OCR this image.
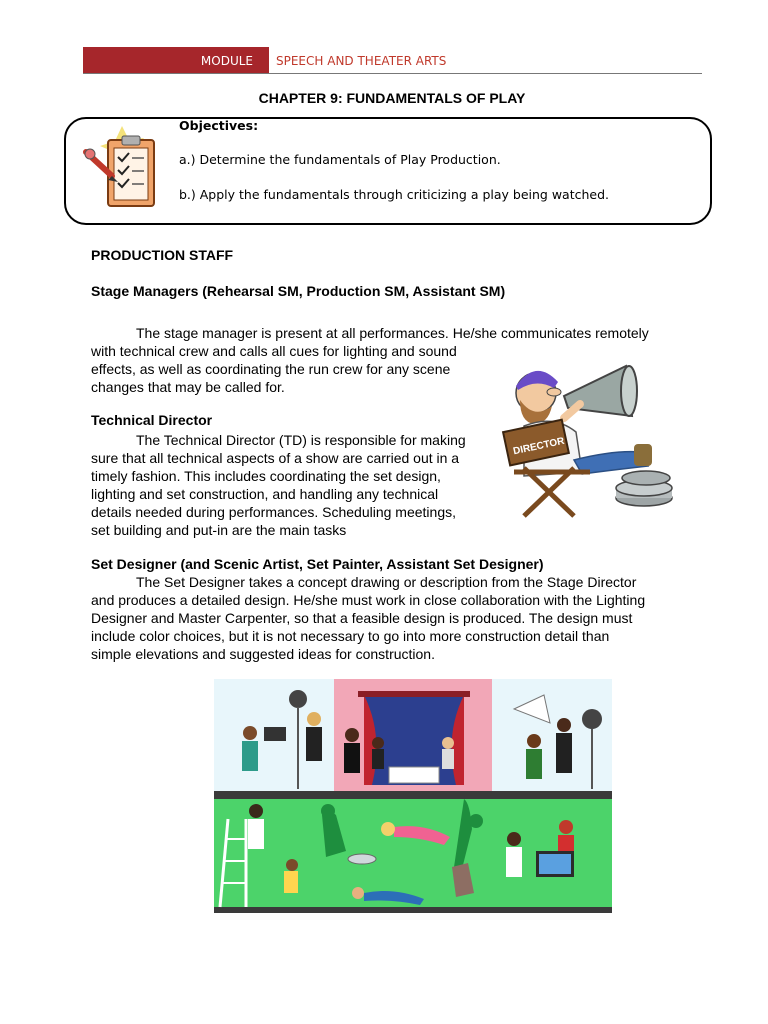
MODULE	SPEECH AND THEATER ARTS
CHAPTER 9: FUNDAMENTALS OF PLAY
Objectives:
a.) Determine the fundamentals of Play Production.
b.) Apply the fundamentals through criticizing a play being watched.
PRODUCTION STAFF
Stage Managers (Rehearsal SM, Production SM, Assistant SM)
The stage manager is present at all performances. He/she communicates remotely
with technical crew and calls all cues for lighting and sound
effects, as well as coordinating the run crew for any scene
changes that may be called for.
DIRECTOR
Technical Director
The Technical Director (TD) is responsible for making
sure that all technical aspects of a show are carried out in a
timely fashion. This includes coordinating the set design,
lighting and set construction, and handling any technical
details needed during performances. Scheduling meetings,
set building and put-in are the main tasks
Set Designer (and Scenic Artist, Set Painter, Assistant Set Designer)
The Set Designer takes a concept drawing or description from the Stage Director
and produces a detailed design. He/she must work in close collaboration with the Lighting
Designer and Master Carpenter, so that a feasible design is produced. The design must
include color choices, but it is not necessary to go into more construction detail than
simple elevations and suggested ideas for construction.
